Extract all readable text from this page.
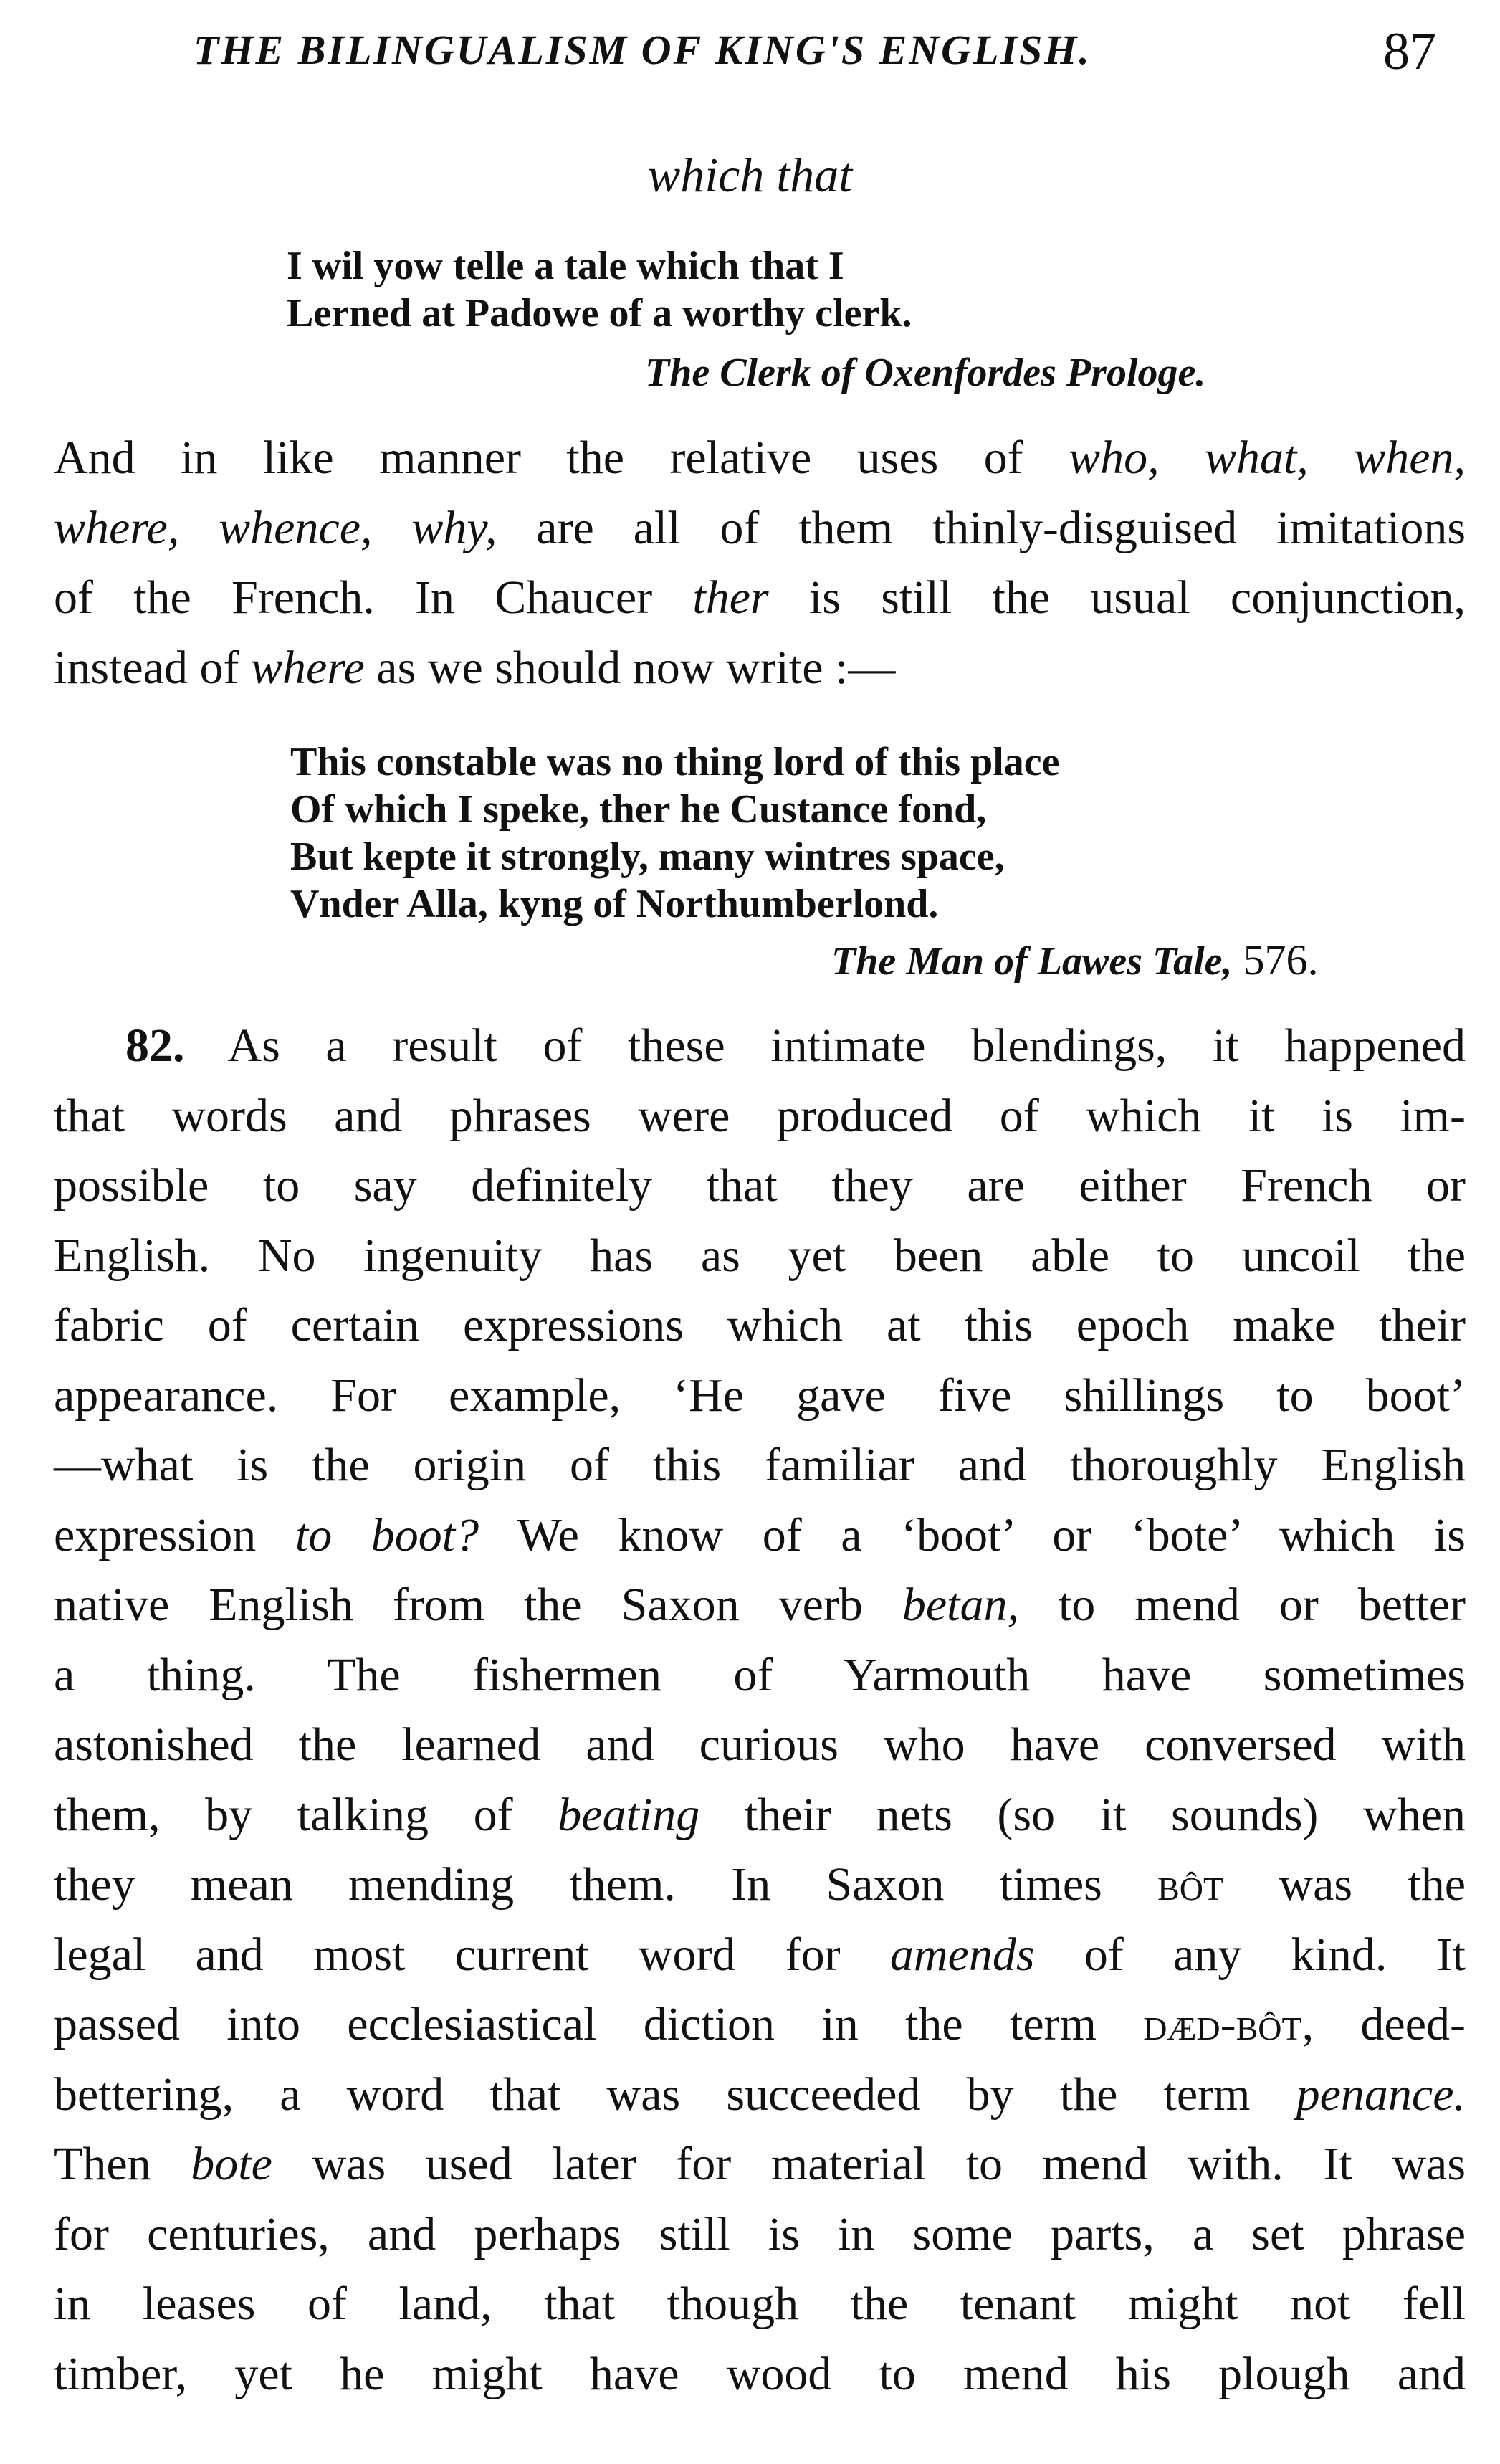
THE BILINGUALISM OF KING'S ENGLISH.	87
which that
I wil yow telle a tale which that I
Lerned at Padowe of a worthy clerk.
The Clerk of Oxenfordes Prologe.
And in like manner the relative uses of who, what, when,
where, whence, why, are all of them thinly-disguised imitations
of the French. In Chaucer ther is still the usual conjunction,
instead of where as we should now write :—
This constable was no thing lord of this place
Of which I speke, ther he Custance fond,
But kepte it strongly, many wintres space,
Vnder Alla, kyng of Northumberlond.
The Man of Lawes Tale, 576.
82. As a result of these intimate blendings, it happened
that words and phrases were produced of which it is im-
possible to say definitely that they are either French or
English. No ingenuity has as yet been able to uncoil the
fabric of certain expressions which at this epoch make their
appearance. For example, ‘He gave five shillings to boot’
—what is the origin of this familiar and thoroughly English
expression to boot? We know of a ‘boot’ or ‘bote’ which is
native English from the Saxon verb betan, to mend or better
a thing. The fishermen of Yarmouth have sometimes
astonished the learned and curious who have conversed with
them, by talking of beating their nets (so it sounds) when
they mean mending them. In Saxon times bôt was the
legal and most current word for amends of any kind. It
passed into ecclesiastical diction in the term dæd-bôt, deed-
bettering, a word that was succeeded by the term penance.
Then bote was used later for material to mend with. It was
for centuries, and perhaps still is in some parts, a set phrase
in leases of land, that though the tenant might not fell
timber, yet he might have wood to mend his plough and
